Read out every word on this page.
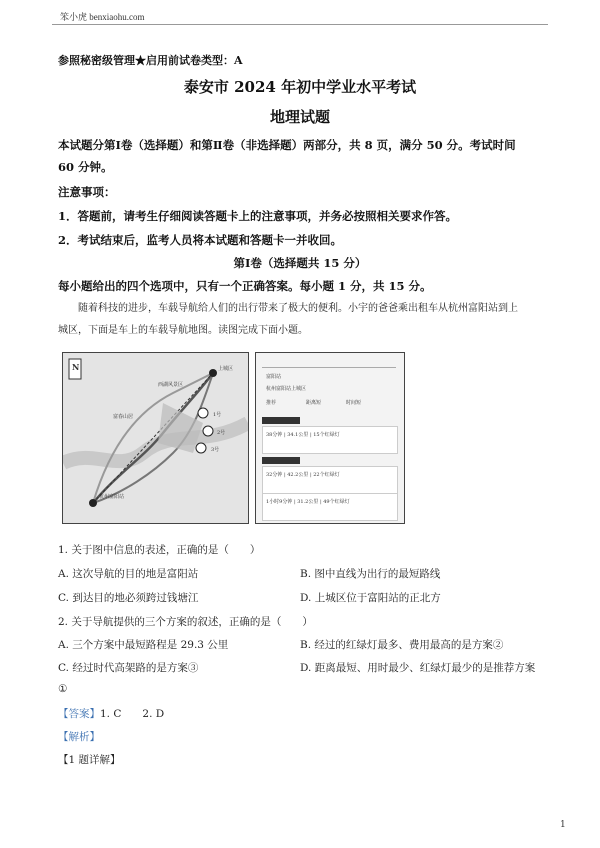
笨小虎 benxiaohu.com
参照秘密级管理★启用前试卷类型：A
泰安市 2024 年初中学业水平考试
地理试题
本试题分第Ⅰ卷（选择题）和第Ⅱ卷（非选择题）两部分，共 8 页，满分 50 分。考试时间
60 分钟。
注意事项：
1．答题前，请考生仔细阅读答题卡上的注意事项，并务必按照相关要求作答。
2．考试结束后，监考人员将本试题和答题卡一并收回。
第Ⅰ卷（选择题共 15 分）
每小题给出的四个选项中，只有一个正确答案。每小题 1 分，共 15 分。
随着科技的进步，车载导航给人们的出行带来了极大的便利。小宇的爸爸乘出租车从杭州富阳站到上
城区，下面是车上的车载导航地图。读图完成下面小题。
N	上城区
西湖风景区
杭州富阳站
富春山居	1号
2号
3号
富阳站
杭州富阳站上城区
推荐	距离短	时间短
38分钟 | 34.1公里 | 15个红绿灯
32分钟 | 42.2公里 | 22个红绿灯
1小时9分钟 | 31.2公里 | 49个红绿灯
1. 关于图中信息的表述，正确的是（　　）
A. 这次导航的目的地是富阳站	B. 图中直线为出行的最短路线
C. 到达目的地必须跨过钱塘江	D. 上城区位于富阳站的正北方
2. 关于导航提供的三个方案的叙述，正确的是（　　）
A. 三个方案中最短路程是 29.3 公里	B. 经过的红绿灯最多、费用最高的是方案②
C. 经过时代高架路的是方案③	D. 距离最短、用时最少、红绿灯最少的是推荐方案
①
【答案】1. C　　2. D
【解析】
【1 题详解】
1
